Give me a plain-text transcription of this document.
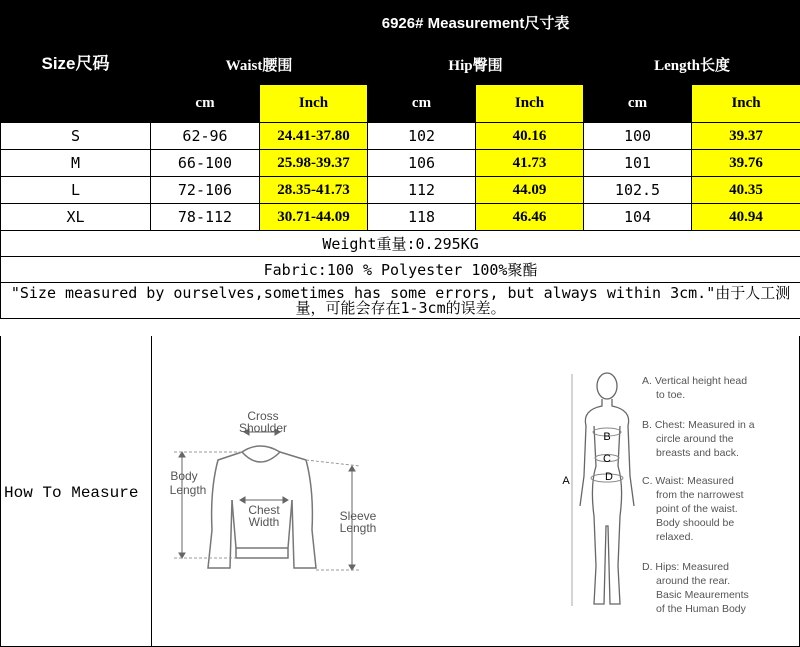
Size尺码	6926# Measurement尺寸表					
	Waist腰围		Hip臀围		Length长度	
	cm	Inch	cm	Inch	cm	Inch
S	62-96	24.41-37.80	102	40.16	100	39.37
M	66-100	25.98-39.37	106	41.73	101	39.76
L	72-106	28.35-41.73	112	44.09	102.5	40.35
XL	78-112	30.71-44.09	118	46.46	104	40.94
Weight重量:0.295KG						
Fabric:100 % Polyester 100%聚酯						
"Size measured by ourselves,sometimes has some errors, but always within 3cm."由于人工测量，可能会存在1-3cm的误差。						
How To Measure
Cross
Shoulder
Body
Length
Chest
Width	Sleeve
Length
A
B
C
D
A. Vertical height head
to toe.
B. Chest: Measured in a
circle around the
breasts and back.
C. Waist: Measured
from the narrowest
point of the waist.
Body shoould be
relaxed.
D. Hips: Measured
around the rear.
Basic Meaurements
of the Human Body
